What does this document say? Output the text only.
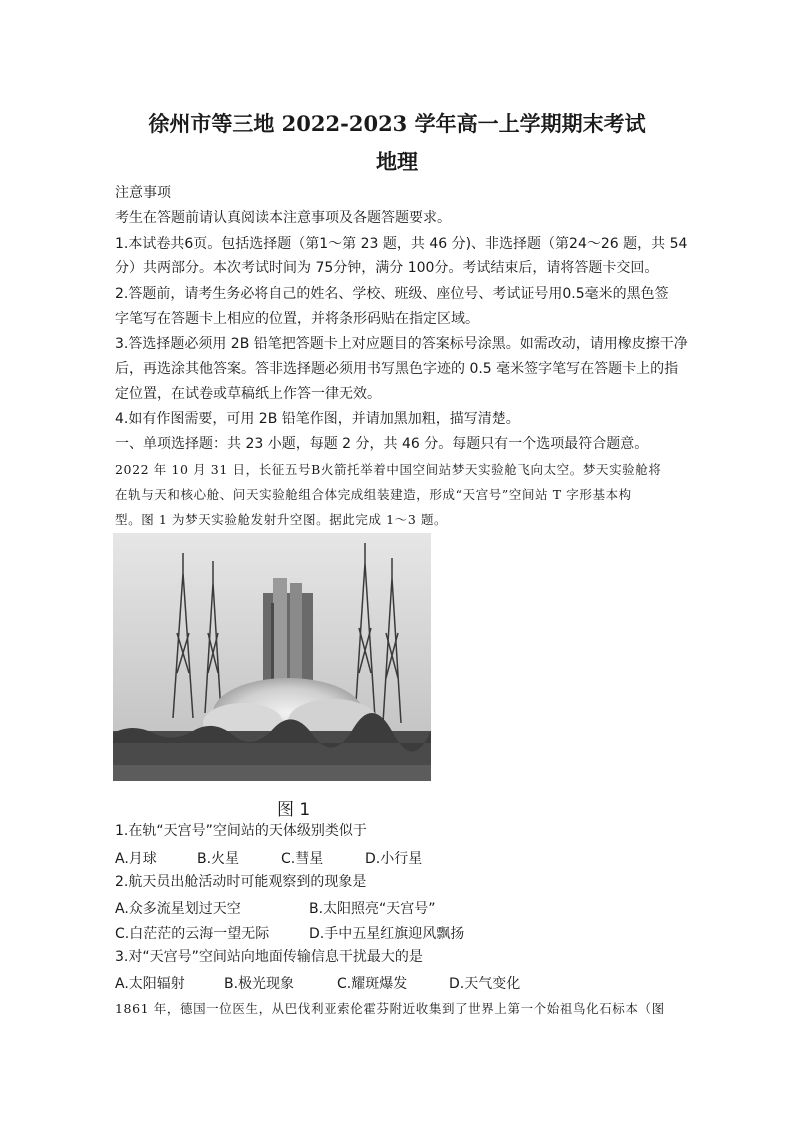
徐州市等三地 2022-2023 学年高一上学期期末考试
地理
注意事项
考生在答题前请认真阅读本注意事项及各题答题要求。
1.本试卷共6页。包括选择题（第1～第 23 题，共 46 分)、非选择题（第24～26 题，共 54
分）共两部分。本次考试时间为 75分钟，满分 100分。考试结束后，请将答题卡交回。
2.答题前，请考生务必将自己的姓名、学校、班级、座位号、考试证号用0.5毫米的黑色签
字笔写在答题卡上相应的位置，并将条形码贴在指定区域。
3.答选择题必须用 2B 铅笔把答题卡上对应题目的答案标号涂黑。如需改动，请用橡皮擦干净
后，再选涂其他答案。答非选择题必须用书写黑色字迹的 0.5 毫米签字笔写在答题卡上的指
定位置，在试卷或草稿纸上作答一律无效。
4.如有作图需要，可用 2B 铅笔作图，并请加黑加粗，描写清楚。
一、单项选择题：共 23 小题，每题 2 分，共 46 分。每题只有一个选项最符合题意。
2022 年 10 月 31 日，长征五号B火箭托举着中国空间站梦天实验舱飞向太空。梦天实验舱将
在轨与天和核心舱、问天实验舱组合体完成组装建造，形成“天宫号”空间站 T 字形基本构
型。图 1 为梦天实验舱发射升空图。据此完成 1～3 题。
图 1
1.在轨“天宫号”空间站的天体级别类似于
A.月球	B.火星	C.彗星	D.小行星
2.航天员出舱活动时可能观察到的现象是
A.众多流星划过天空	B.太阳照亮“天宫号”
C.白茫茫的云海一望无际	D.手中五星红旗迎风飘扬
3.对“天宫号”空间站向地面传输信息干扰最大的是
A.太阳辐射	B.极光现象	C.耀斑爆发	D.天气变化
1861 年，德国一位医生，从巴伐利亚索伦霍芬附近收集到了世界上第一个始祖鸟化石标本（图
